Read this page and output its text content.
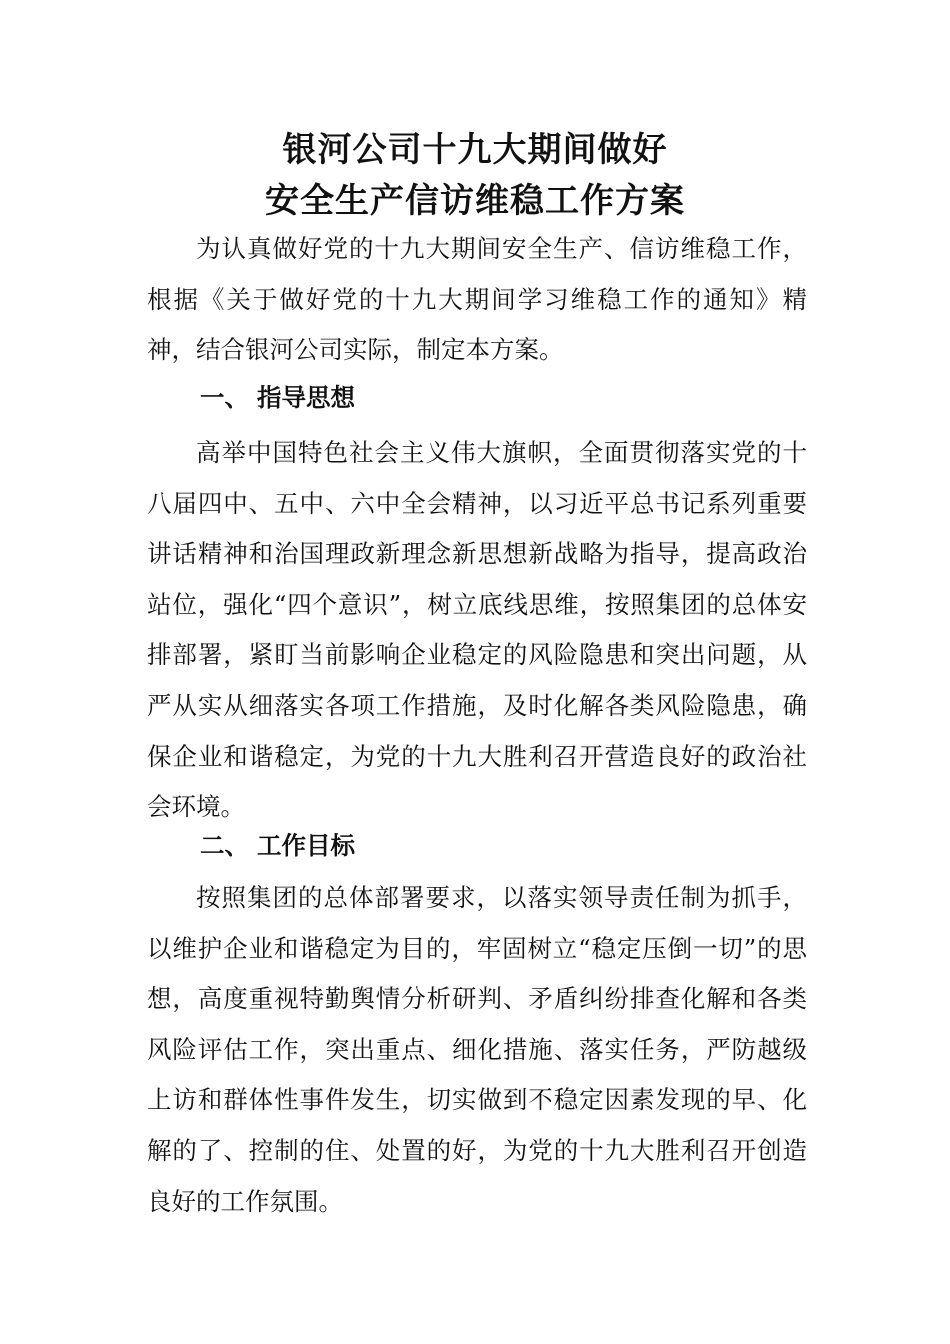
银河公司十九大期间做好
安全生产信访维稳工作方案

为认真做好党的十九大期间安全生产、信访维稳工作，根据《关于做好党的十九大期间学习维稳工作的通知》精神，结合银河公司实际，制定本方案。

一、 指导思想

高举中国特色社会主义伟大旗帜，全面贯彻落实党的十八届四中、五中、六中全会精神，以习近平总书记系列重要讲话精神和治国理政新理念新思想新战略为指导，提高政治站位，强化“四个意识”，树立底线思维，按照集团的总体安排部署，紧盯当前影响企业稳定的风险隐患和突出问题，从严从实从细落实各项工作措施，及时化解各类风险隐患，确保企业和谐稳定，为党的十九大胜利召开营造良好的政治社会环境。

二、 工作目标

按照集团的总体部署要求，以落实领导责任制为抓手，以维护企业和谐稳定为目的，牢固树立“稳定压倒一切”的思想，高度重视特勤舆情分析研判、矛盾纠纷排查化解和各类风险评估工作，突出重点、细化措施、落实任务，严防越级上访和群体性事件发生，切实做到不稳定因素发现的早、化解的了、控制的住、处置的好，为党的十九大胜利召开创造良好的工作氛围。
